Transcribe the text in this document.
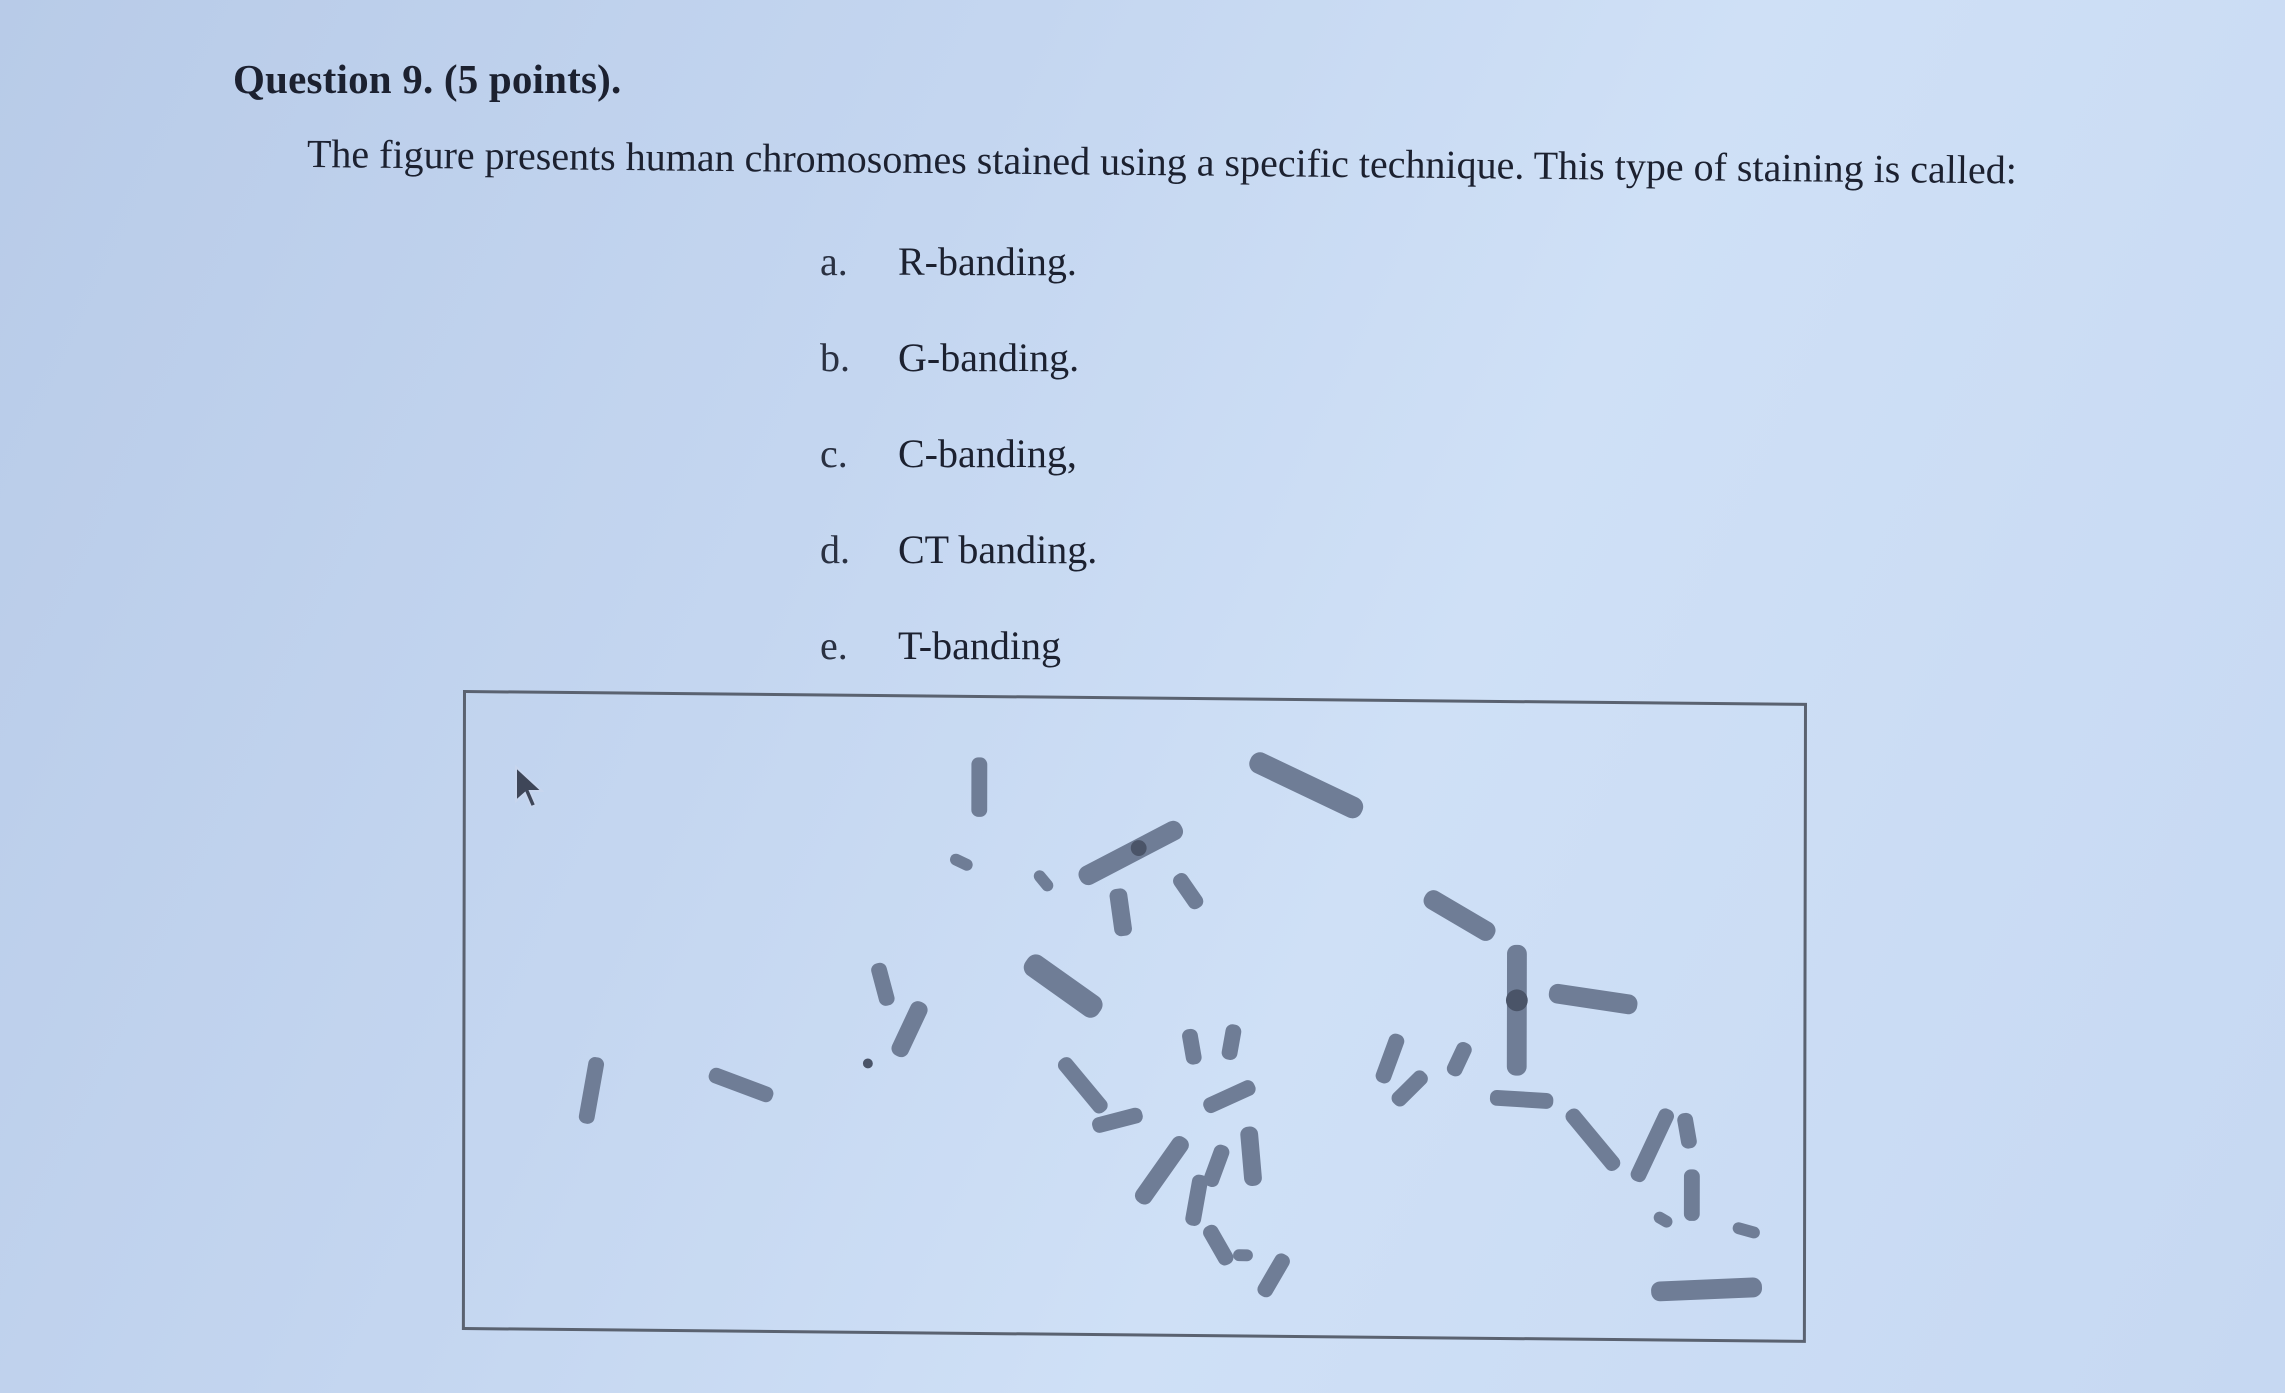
Question 9. (5 points).
The figure presents human chromosomes stained using a specific technique. This type of staining is called:
a.	R-banding.
b.	G-banding.
c.	C-banding,
d.	CT banding.
e.	T-banding
